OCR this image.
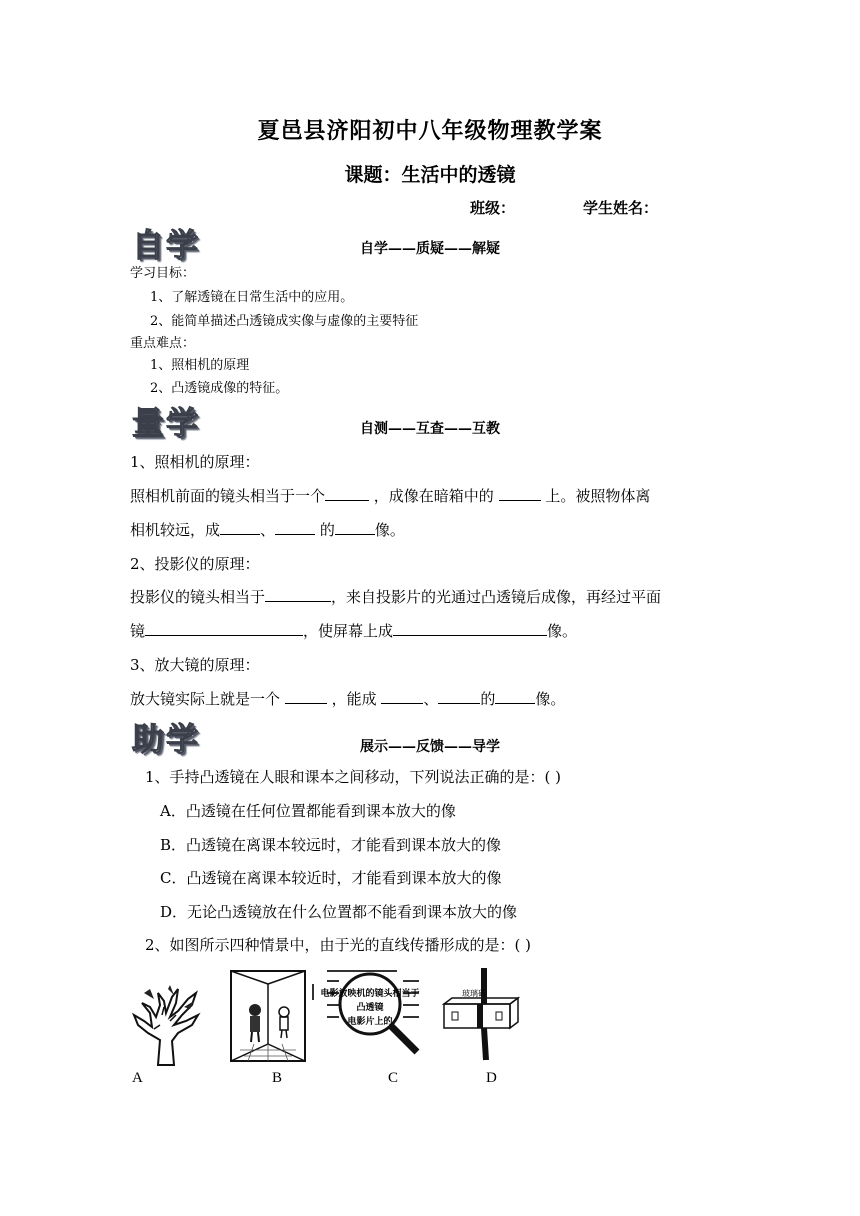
夏邑县济阳初中八年级物理教学案
课题：生活中的透镜
班级：	学生姓名：
自学	自学——质疑——解疑
学习目标：
1、了解透镜在日常生活中的应用。
2、能简单描述凸透镜成实像与虚像的主要特征
重点难点：
1、照相机的原理
2、凸透镜成像的特征。
量学	自测——互查——互教
1、照相机的原理：
照相机前面的镜头相当于一个	，成像在暗箱中的	上。被照物体离
相机较远，成	、	的	像。
2、投影仪的原理：
投影仪的镜头相当于	，来自投影片的光通过凸透镜后成像，再经过平面
镜	，使屏幕上成	像。
3、放大镜的原理：
放大镜实际上就是一个	，能成	、	的	像。
助学	展示——反馈——导学
1、手持凸透镜在人眼和课本之间移动，下列说法正确的是：( )
A．凸透镜在任何位置都能看到课本放大的像
B．凸透镜在离课本较远时，才能看到课本放大的像
C．凸透镜在离课本较近时，才能看到课本放大的像
D．无论凸透镜放在什么位置都不能看到课本放大的像
2、如图所示四种情景中，由于光的直线传播形成的是：( )
电影放映机的镜头相当于
凸透镜
电影片上的
玻璃砖
A	B	C	D
